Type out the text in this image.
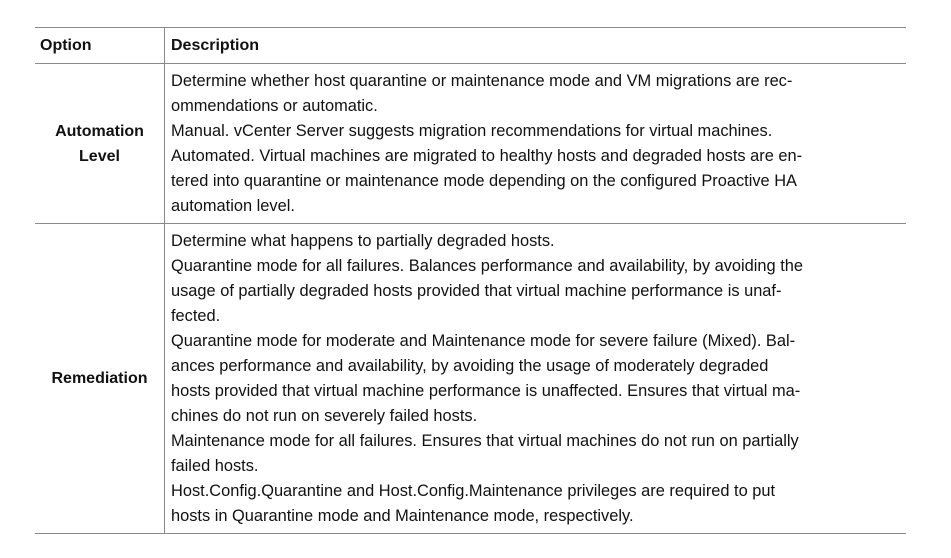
Option	Description
Automation
Level
Determine whether host quarantine or maintenance mode and VM migrations are rec-
ommendations or automatic.
Manual. vCenter Server suggests migration recommendations for virtual machines.
Automated. Virtual machines are migrated to healthy hosts and degraded hosts are en-
tered into quarantine or maintenance mode depending on the configured Proactive HA
automation level.
Remediation
Determine what happens to partially degraded hosts.
Quarantine mode for all failures. Balances performance and availability, by avoiding the
usage of partially degraded hosts provided that virtual machine performance is unaf-
fected.
Quarantine mode for moderate and Maintenance mode for severe failure (Mixed). Bal-
ances performance and availability, by avoiding the usage of moderately degraded
hosts provided that virtual machine performance is unaffected. Ensures that virtual ma-
chines do not run on severely failed hosts.
Maintenance mode for all failures. Ensures that virtual machines do not run on partially
failed hosts.
Host.Config.Quarantine and Host.Config.Maintenance privileges are required to put
hosts in Quarantine mode and Maintenance mode, respectively.
